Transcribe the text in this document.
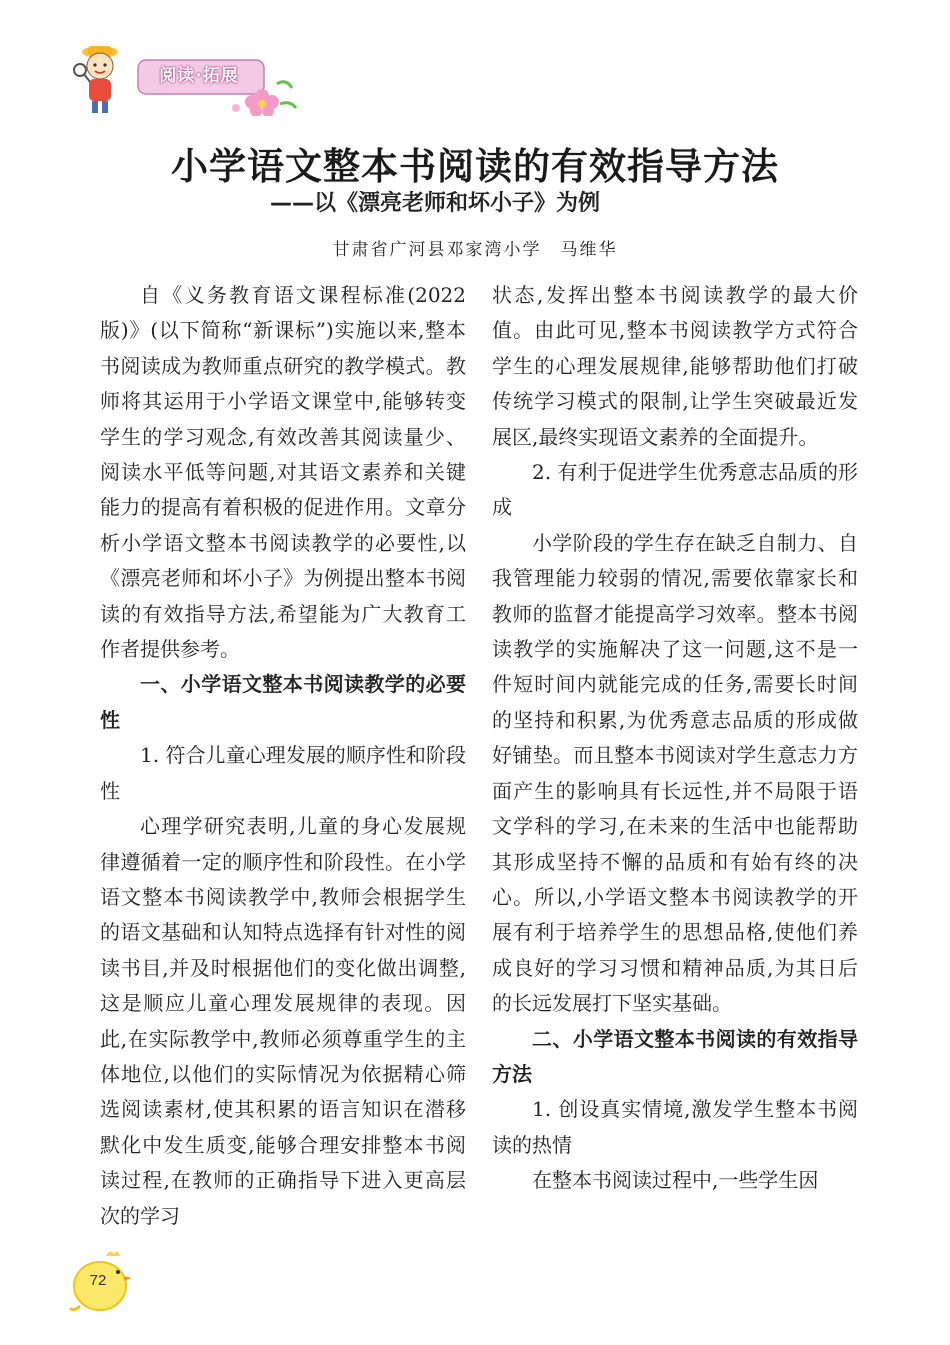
阅读·拓展
小学语文整本书阅读的有效指导方法
——以《漂亮老师和坏小子》为例
甘肃省广河县邓家湾小学　马维华

自《义务教育语文课程标准(2022版)》(以下简称“新课标”)实施以来,整本书阅读成为教师重点研究的教学模式。教师将其运用于小学语文课堂中,能够转变学生的学习观念,有效改善其阅读量少、阅读水平低等问题,对其语文素养和关键能力的提高有着积极的促进作用。文章分析小学语文整本书阅读教学的必要性,以《漂亮老师和坏小子》为例提出整本书阅读的有效指导方法,希望能为广大教育工作者提供参考。

一、小学语文整本书阅读教学的必要性

1. 符合儿童心理发展的顺序性和阶段性

心理学研究表明,儿童的身心发展规律遵循着一定的顺序性和阶段性。在小学语文整本书阅读教学中,教师会根据学生的语文基础和认知特点选择有针对性的阅读书目,并及时根据他们的变化做出调整,这是顺应儿童心理发展规律的表现。因此,在实际教学中,教师必须尊重学生的主体地位,以他们的实际情况为依据精心筛选阅读素材,使其积累的语言知识在潜移默化中发生质变,能够合理安排整本书阅读过程,在教师的正确指导下进入更高层次的学习

状态,发挥出整本书阅读教学的最大价值。由此可见,整本书阅读教学方式符合学生的心理发展规律,能够帮助他们打破传统学习模式的限制,让学生突破最近发展区,最终实现语文素养的全面提升。

2. 有利于促进学生优秀意志品质的形成

小学阶段的学生存在缺乏自制力、自我管理能力较弱的情况,需要依靠家长和教师的监督才能提高学习效率。整本书阅读教学的实施解决了这一问题,这不是一件短时间内就能完成的任务,需要长时间的坚持和积累,为优秀意志品质的形成做好铺垫。而且整本书阅读对学生意志力方面产生的影响具有长远性,并不局限于语文学科的学习,在未来的生活中也能帮助其形成坚持不懈的品质和有始有终的决心。所以,小学语文整本书阅读教学的开展有利于培养学生的思想品格,使他们养成良好的学习习惯和精神品质,为其日后的长远发展打下坚实基础。

二、小学语文整本书阅读的有效指导方法

1. 创设真实情境,激发学生整本书阅读的热情

在整本书阅读过程中,一些学生因

72
